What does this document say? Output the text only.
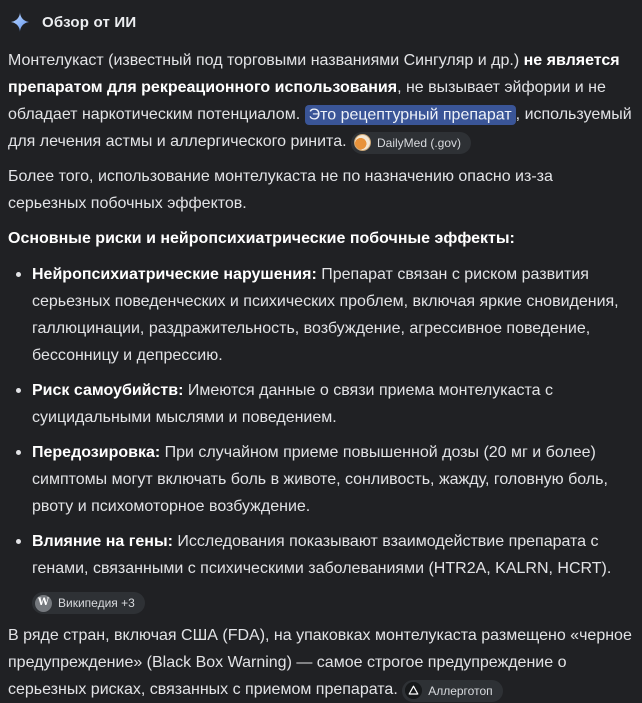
Обзор от ИИ

Монтелукаст (известный под торговыми названиями Сингуляр и др.) не является препаратом для рекреационного использования, не вызывает эйфории и не обладает наркотическим потенциалом. Это рецептурный препарат , используемый для лечения астмы и аллергического ринита. DailyMed (.gov)

Более того, использование монтелукаста не по назначению опасно из-за серьезных побочных эффектов.

Основные риски и нейропсихиатрические побочные эффекты:

Нейропсихиатрические нарушения: Препарат связан с риском развития серьезных поведенческих и психических проблем, включая яркие сновидения, галлюцинации, раздражительность, возбуждение, агрессивное поведение, бессонницу и депрессию.
Риск самоубийств: Имеются данные о связи приема монтелукаста с суицидальными мыслями и поведением.
Передозировка: При случайном приеме повышенной дозы (20 мг и более) симптомы могут включать боль в животе, сонливость, жажду, головную боль, рвоту и психомоторное возбуждение.
Влияние на гены: Исследования показывают взаимодействие препарата с генами, связанными с психическими заболеваниями (HTR2A, KALRN, HCRT).
W Википедия +3

В ряде стран, включая США (FDA), на упаковках монтелукаста размещено «черное предупреждение» (Black Box Warning) — самое строгое предупреждение о серьезных рисках, связанных с приемом препарата. Аллерготоп
